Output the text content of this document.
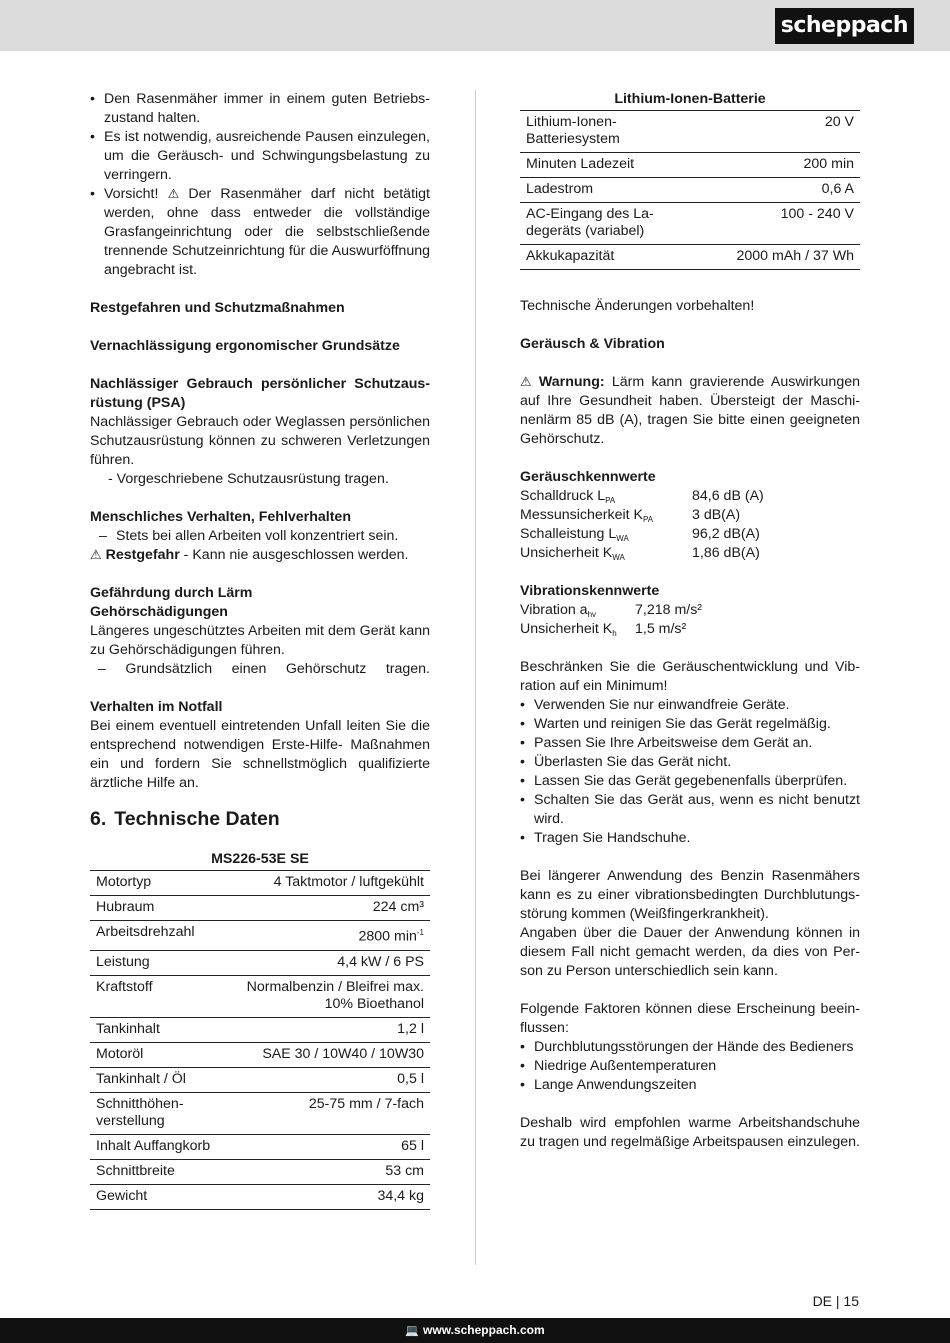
scheppach
• Den Rasenmäher immer in einem guten Betriebszustand halten.
• Es ist notwendig, ausreichende Pausen einzulegen, um die Geräusch- und Schwingungsbelastung zu verringern.
• Vorsicht! ⚠ Der Rasenmäher darf nicht betätigt werden, ohne dass entweder die vollständige Grasfangeinrichtung oder die selbstschließende trennende Schutzeinrichtung für die Auswurföffnung angebracht ist.

Restgefahren und Schutzmaßnahmen

Vernachlässigung ergonomischer Grundsätze

Nachlässiger Gebrauch persönlicher Schutzausrüstung (PSA)

Nachlässiger Gebrauch oder Weglassen persönlichen Schutzausrüstung können zu schweren Verletzungen führen.

- Vorgeschriebene Schutzausrüstung tragen.

Menschliches Verhalten, Fehlverhalten

– Stets bei allen Arbeiten voll konzentriert sein.

⚠ Restgefahr - Kann nie ausgeschlossen werden.

Gefährdung durch Lärm

Gehörschädigungen

Längeres ungeschütztes Arbeiten mit dem Gerät kann zu Gehörschädigungen führen.

– Grundsätzlich einen Gehörschutz tragen.

Verhalten im Notfall

Bei einem eventuell eintretenden Unfall leiten Sie die entsprechend notwendigen Erste-Hilfe- Maßnahmen ein und fordern Sie schnellstmöglich qualifizierte ärztliche Hilfe an.

6. Technische Daten
MS226-53E SE
Motortyp	4 Taktmotor / luftgekühlt
Hubraum	224 cm³
Arbeitsdrehzahl	2800 $\min^{-1}$
Leistung	4,4 kW / 6 PS
Kraftstoff	Normalbenzin / Bleifrei max.
10% Bioethanol
Tankinhalt	1,2 l
Motoröl	SAE 30 / 10W40 / 10W30
Tankinhalt / Öl	0,5 l
Schnitthöhen-
verstellung	25-75 mm / 7-fach
Inhalt Auffangkorb	65 l
Schnittbreite	53 cm
Gewicht	34,4 kg
Lithium-Ionen-Batterie
Lithium-Ionen-
Batteriesystem	20 V
Minuten Ladezeit	200 min
Ladestrom	0,6 A
AC-Eingang des La-
degeräts (variabel)	100 - 240 V
Akkukapazität	2000 mAh / 37 Wh

Technische Änderungen vorbehalten!

Geräusch & Vibration

⚠ Warnung: Lärm kann gravierende Auswirkungen auf Ihre Gesundheit haben. Übersteigt der Maschinenlärm 85 dB (A), tragen Sie bitte einen geeigneten Gehörschutz.

Geräuschkennwerte

Schalldruck $L_{PA}$	84,6 dB (A)
Messunsicherkeit $K_{PA}$	3 dB(A)
Schalleistung $L_{WA}$	96,2 dB(A)
Unsicherheit $K_{WA}$	1,86 dB(A)

Vibrationskennwerte

Vibration $a_{hv}$	7,218 m/s²
Unsicherheit $K_h$	1,5 m/s²

Beschränken Sie die Geräuschentwicklung und Vibration auf ein Minimum!

• Verwenden Sie nur einwandfreie Geräte.
• Warten und reinigen Sie das Gerät regelmäßig.
• Passen Sie Ihre Arbeitsweise dem Gerät an.
• Überlasten Sie das Gerät nicht.
• Lassen Sie das Gerät gegebenenfalls überprüfen.
• Schalten Sie das Gerät aus, wenn es nicht benutzt wird.
• Tragen Sie Handschuhe.

Bei längerer Anwendung des Benzin Rasenmähers kann es zu einer vibrationsbedingten Durchblutungsstörung kommen (Weißfingerkrankheit).

Angaben über die Dauer der Anwendung können in diesem Fall nicht gemacht werden, da dies von Person zu Person unterschiedlich sein kann.

Folgende Faktoren können diese Erscheinung beeinflussen:

• Durchblutungsstörungen der Hände des Bedieners
• Niedrige Außentemperaturen
• Lange Anwendungszeiten

Deshalb wird empfohlen warme Arbeitshandschuhe zu tragen und regelmäßige Arbeitspausen einzulegen.

DE | 15
💻 www.scheppach.com
